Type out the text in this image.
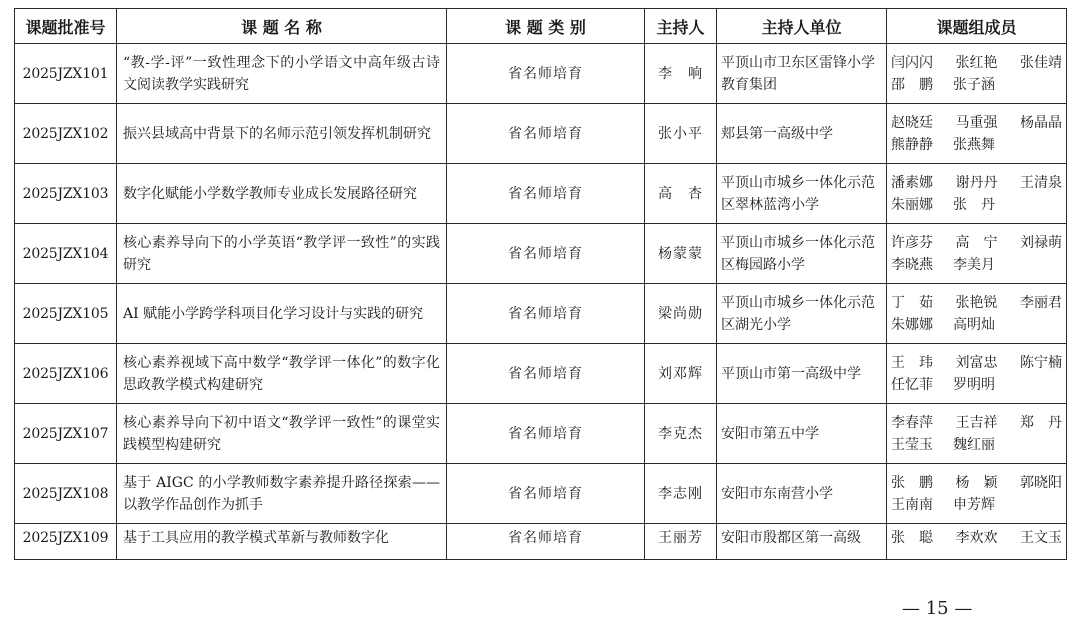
课题批准号	课 题 名 称	课 题 类 别	主持人	主持人单位	课题组成员
2025JZX101	“教-学-评”一致性理念下的小学语文中高年级古诗文阅读教学实践研究	省名师培育	李　响	平顶山市卫东区雷锋小学教育集团	闫闪闪 张红艳 张佳靖
邵　鹏 张子涵

2025JZX102	振兴县域高中背景下的名师示范引领发挥机制研究	省名师培育	张小平	郏县第一高级中学	赵晓廷 马重强 杨晶晶
熊静静 张燕舞

2025JZX103	数字化赋能小学数学教师专业成长发展路径研究	省名师培育	高　杏	平顶山市城乡一体化示范区翠林蓝湾小学	潘素娜 谢丹丹 王清泉
朱丽娜 张　丹

2025JZX104	核心素养导向下的小学英语“教学评一致性”的实践研究	省名师培育	杨蒙蒙	平顶山市城乡一体化示范区梅园路小学	许彦芬 高　宁 刘禄萌
李晓燕 李美月

2025JZX105	AI 赋能小学跨学科项目化学习设计与实践的研究	省名师培育	梁尚勋	平顶山市城乡一体化示范区湖光小学	丁　茹 张艳锐 李丽君
朱娜娜 高明灿

2025JZX106	核心素养视域下高中数学“教学评一体化”的数字化思政教学模式构建研究	省名师培育	刘邓辉	平顶山市第一高级中学	王　玮 刘富忠 陈宁楠
任忆菲 罗明明

2025JZX107	核心素养导向下初中语文“教学评一致性”的课堂实践模型构建研究	省名师培育	李克杰	安阳市第五中学	李春萍 王吉祥 郑　丹
王莹玉 魏红丽

2025JZX108	基于 AIGC 的小学教师数字素养提升路径探索——以教学作品创作为抓手	省名师培育	李志刚	安阳市东南营小学	张　鹏 杨　颖 郭晓阳
王南南 申芳辉

2025JZX109	基于工具应用的教学模式革新与教师数字化	省名师培育	王丽芳	安阳市殷都区第一高级	张　聪 李欢欢 王文玉
— 15 —
